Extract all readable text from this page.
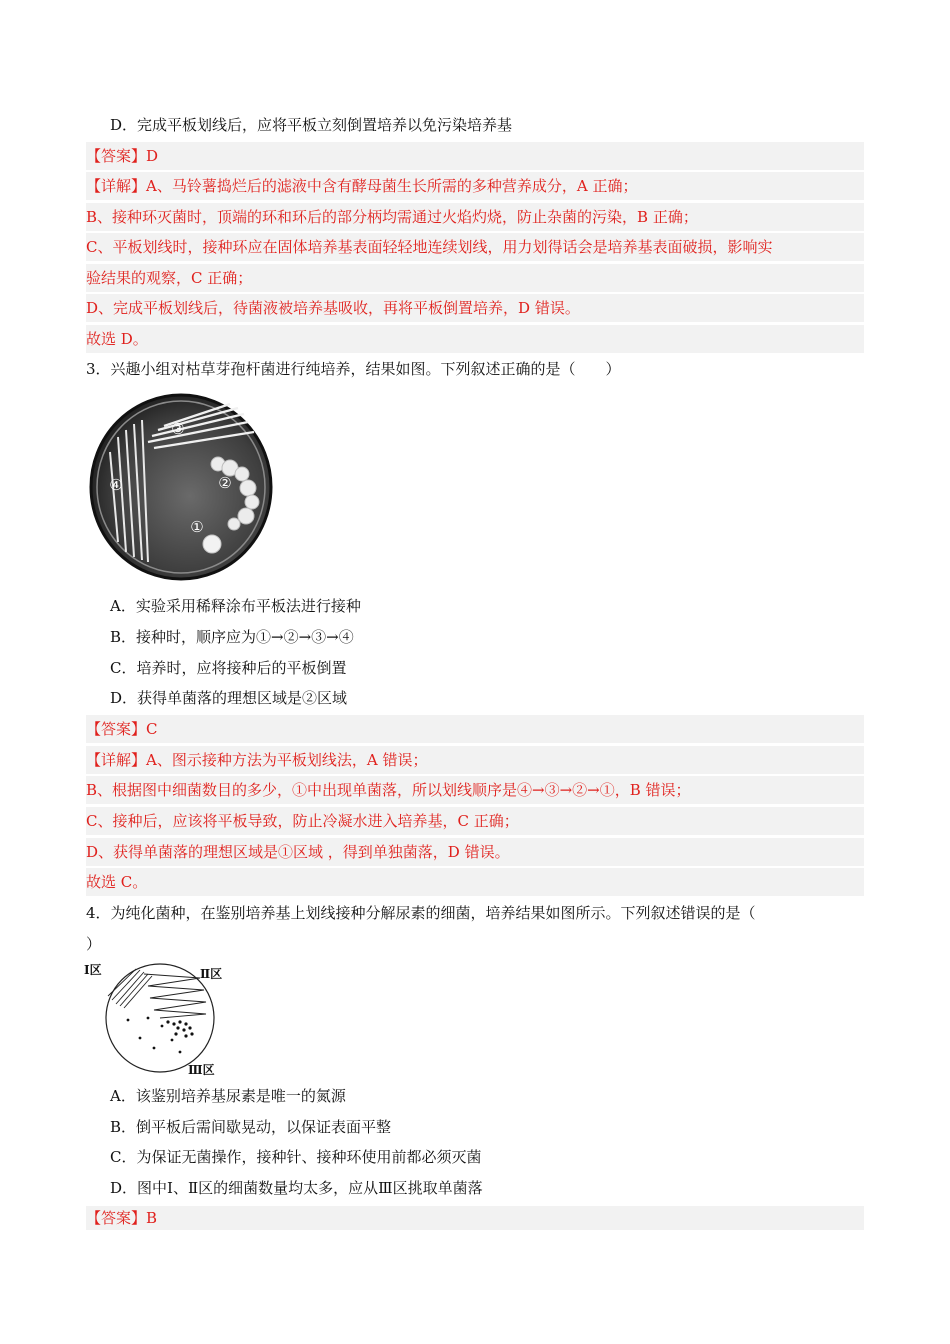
D．完成平板划线后，应将平板立刻倒置培养以免污染培养基
【答案】D
【详解】A、马铃薯捣烂后的滤液中含有酵母菌生长所需的多种营养成分，A 正确；
B、接种环灭菌时，顶端的环和环后的部分柄均需通过火焰灼烧，防止杂菌的污染，B 正确；
C、平板划线时，接种环应在固体培养基表面轻轻地连续划线，用力划得话会是培养基表面破损，影响实
验结果的观察，C 正确；
D、完成平板划线后，待菌液被培养基吸收，再将平板倒置培养，D 错误。
故选 D。
3．兴趣小组对枯草芽孢杆菌进行纯培养，结果如图。下列叙述正确的是（　　）
①
②
③
④
A．实验采用稀释涂布平板法进行接种
B．接种时，顺序应为①→②→③→④
C．培养时，应将接种后的平板倒置
D．获得单菌落的理想区域是②区域
【答案】C
【详解】A、图示接种方法为平板划线法，A 错误；
B、根据图中细菌数目的多少，①中出现单菌落，所以划线顺序是④→③→②→①，B 错误；
C、接种后，应该将平板导致，防止冷凝水进入培养基，C 正确；
D、获得单菌落的理想区域是①区域 ，得到单独菌落，D 错误。
故选 C。
4．为纯化菌种，在鉴别培养基上划线接种分解尿素的细菌，培养结果如图所示。下列叙述错误的是（
）
Ⅰ区	Ⅱ区
Ⅲ区
A．该鉴别培养基尿素是唯一的氮源
B．倒平板后需间歇晃动，以保证表面平整
C．为保证无菌操作，接种针、接种环使用前都必须灭菌
D．图中Ⅰ、Ⅱ区的细菌数量均太多，应从Ⅲ区挑取单菌落
【答案】B
